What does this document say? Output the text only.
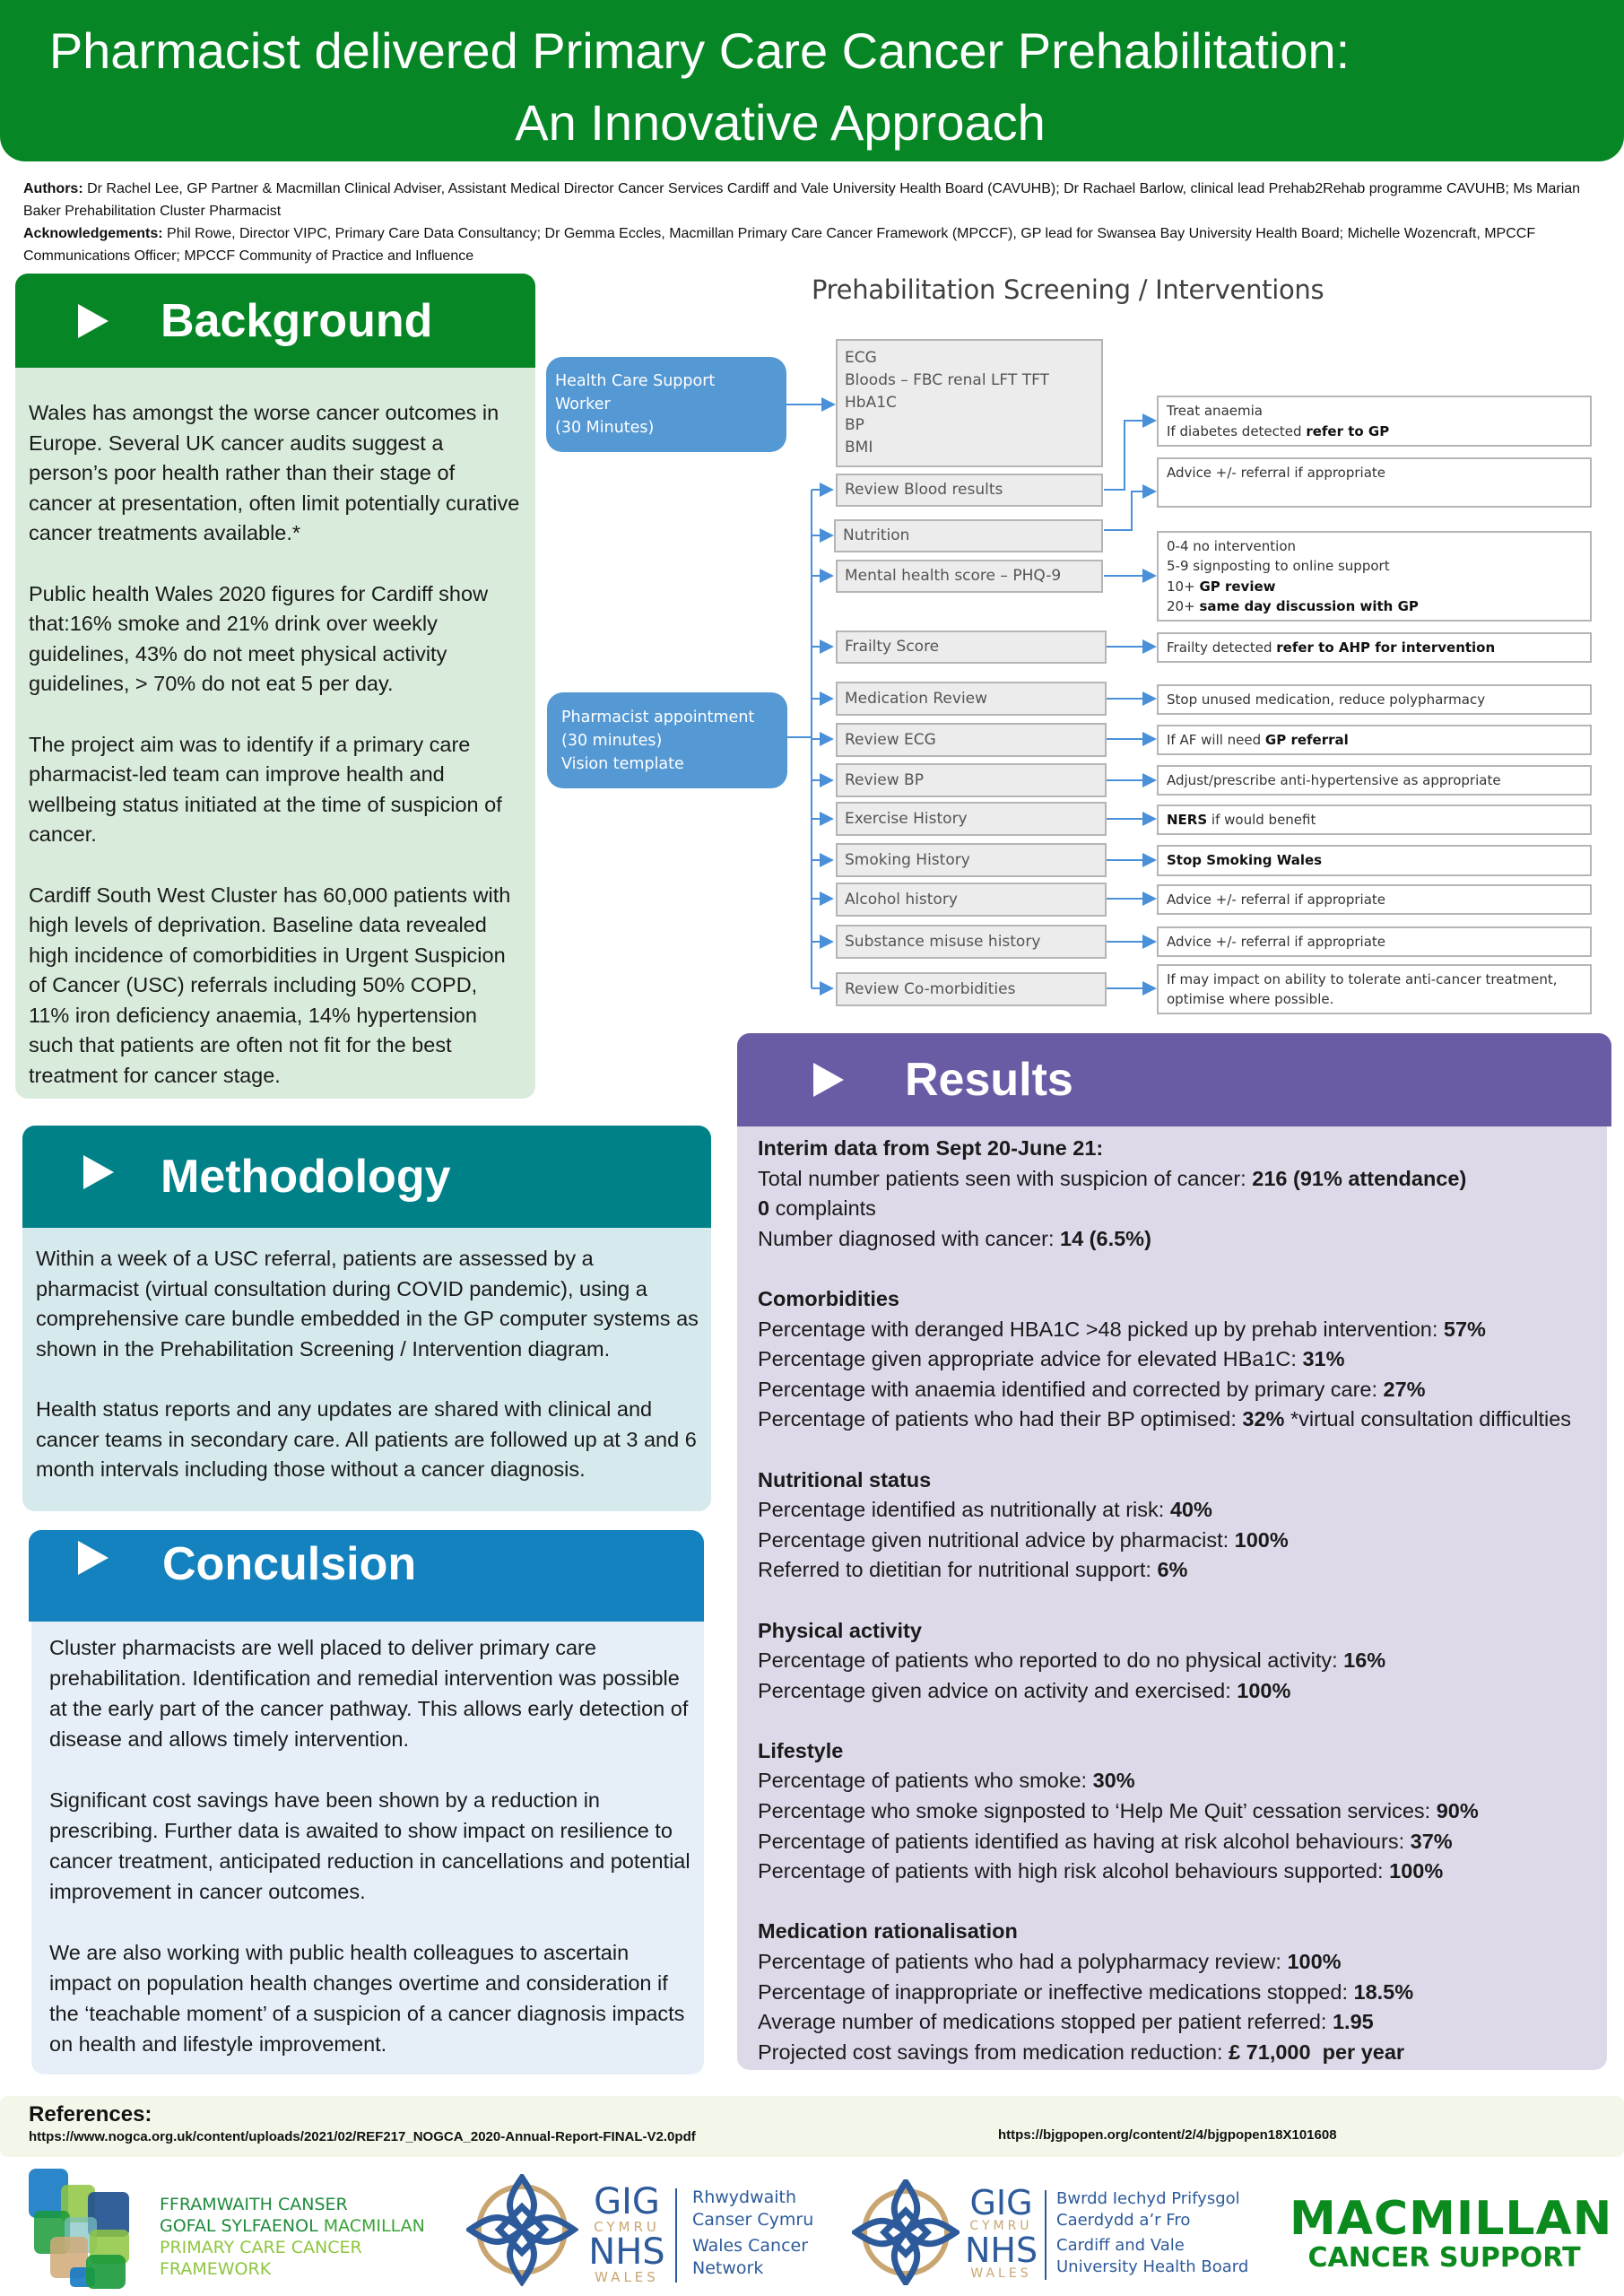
Pharmacist delivered Primary Care Cancer Prehabilitation:
An Innovative Approach
Authors: Dr Rachel Lee, GP Partner & Macmillan Clinical Adviser, Assistant Medical Director Cancer Services Cardiff and Vale University Health Board (CAVUHB); Dr Rachael Barlow, clinical lead Prehab2Rehab programme CAVUHB; Ms Marian Baker Prehabilitation Cluster Pharmacist
Acknowledgements: Phil Rowe, Director VIPC, Primary Care Data Consultancy; Dr Gemma Eccles, Macmillan Primary Care Cancer Framework (MPCCF), GP lead for Swansea Bay University Health Board; Michelle Wozencraft, MPCCF Communications Officer; MPCCF Community of Practice and Influence
Background

Wales has amongst the worse cancer outcomes in Europe. Several UK cancer audits suggest a person’s poor health rather than their stage of cancer at presentation, often limit potentially curative cancer treatments available.*

Public health Wales 2020 figures for Cardiff show that:16% smoke and 21% drink over weekly guidelines, 43% do not meet physical activity guidelines, > 70% do not eat 5 per day.

The project aim was to identify if a primary care pharmacist-led team can improve health and wellbeing status initiated at the time of suspicion of cancer.

Cardiff South West Cluster has 60,000 patients with high levels of deprivation. Baseline data revealed high incidence of comorbidities in Urgent Suspicion of Cancer (USC) referrals including 50% COPD, 11% iron deficiency anaemia, 14% hypertension such that patients are often not fit for the best treatment for cancer stage.

Prehabilitation Screening / Interventions
Health Care Support
Worker
(30 Minutes)
Pharmacist appointment
(30 minutes)
Vision template
ECG
Bloods – FBC renal LFT TFT
HbA1C
BP
BMI
Review Blood results
Nutrition
Mental health score – PHQ-9
Frailty Score
Medication Review
Review ECG
Review BP
Exercise History
Smoking History
Alcohol history
Substance misuse history
Review Co-morbidities
Treat anaemia
If diabetes detected refer to GP
Advice +/- referral if appropriate
0-4 no intervention
5-9 signposting to online support
10+ GP review
20+ same day discussion with GP
Frailty detected refer to AHP for intervention
Stop unused medication, reduce polypharmacy
If AF will need GP referral
Adjust/prescribe anti-hypertensive as appropriate
NERS if would benefit
Stop Smoking Wales
Advice +/- referral if appropriate
Advice +/- referral if appropriate
If may impact on ability to tolerate anti-cancer treatment,
optimise where possible.
Methodology

Within a week of a USC referral, patients are assessed by a pharmacist (virtual consultation during COVID pandemic), using a comprehensive care bundle embedded in the GP computer systems as shown in the Prehabilitation Screening / Intervention diagram.

Health status reports and any updates are shared with clinical and cancer teams in secondary care. All patients are followed up at 3 and 6 month intervals including those without a cancer diagnosis.

Conculsion

Cluster pharmacists are well placed to deliver primary care prehabilitation. Identification and remedial intervention was possible at the early part of the cancer pathway. This allows early detection of disease and allows timely intervention.

Significant cost savings have been shown by a reduction in prescribing. Further data is awaited to show impact on resilience to cancer treatment, anticipated reduction in cancellations and potential improvement in cancer outcomes.

We are also working with public health colleagues to ascertain impact on population health changes overtime and consideration if the ‘teachable moment’ of a suspicion of a cancer diagnosis impacts on health and lifestyle improvement.

Results
Interim data from Sept 20-June 21:
Total number patients seen with suspicion of cancer: 216 (91% attendance)
0 complaints
Number diagnosed with cancer: 14 (6.5%)
Comorbidities
Percentage with deranged HBA1C >48 picked up by prehab intervention: 57%
Percentage given appropriate advice for elevated HBa1C: 31%
Percentage with anaemia identified and corrected by primary care: 27%
Percentage of patients who had their BP optimised: 32% *virtual consultation difficulties
Nutritional status
Percentage identified as nutritionally at risk: 40%
Percentage given nutritional advice by pharmacist: 100%
Referred to dietitian for nutritional support: 6%
Physical activity
Percentage of patients who reported to do no physical activity: 16%
Percentage given advice on activity and exercised: 100%
Lifestyle
Percentage of patients who smoke: 30%
Percentage who smoke signposted to ‘Help Me Quit’ cessation services: 90%
Percentage of patients identified as having at risk alcohol behaviours: 37%
Percentage of patients with high risk alcohol behaviours supported: 100%
Medication rationalisation
Percentage of patients who had a polypharmacy review: 100%
Percentage of inappropriate or ineffective medications stopped: 18.5%
Average number of medications stopped per patient referred: 1.95
Projected cost savings from medication reduction: £ 71,000  per year
References:
https://www.nogca.org.uk/content/uploads/2021/02/REF217_NOGCA_2020-Annual-Report-FINAL-V2.0pdf	https://bjgpopen.org/content/2/4/bjgpopen18X101608
FFRAMWAITH CANSER
GOFAL SYLFAENOL MACMILLAN
PRIMARY CARE CANCER
FRAMEWORK
GIG
CYMRU
NHS
WALES
Rhwydwaith
Canser Cymru
Wales Cancer
Network
GIG
CYMRU
NHS
WALES
Bwrdd Iechyd Prifysgol
Caerdydd a’r Fro
Cardiff and Vale
University Health Board
MACMILLAN
CANCER SUPPORT
